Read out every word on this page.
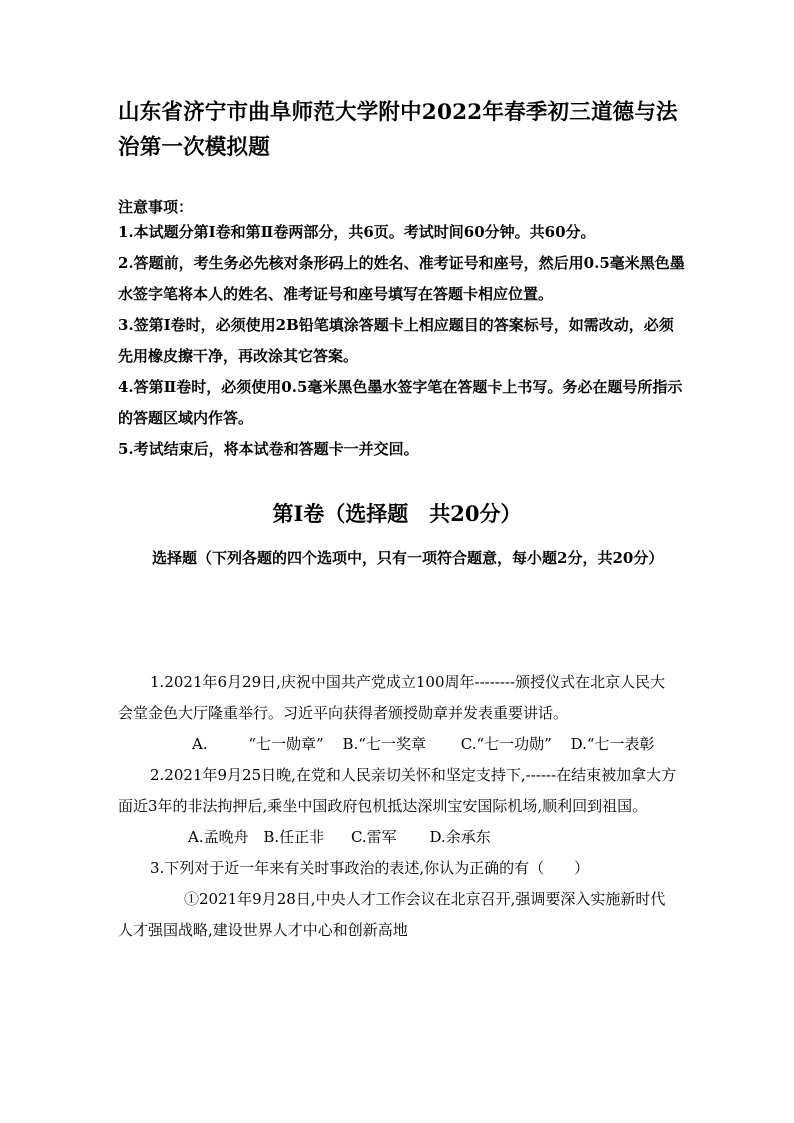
山东省济宁市曲阜师范大学附中2022年春季初三道德与法治第一次模拟题

注意事项：

1.本试题分第Ⅰ卷和第Ⅱ卷两部分，共6页。考试时间60分钟。共60分。

2.答题前，考生务必先核对条形码上的姓名、准考证号和座号，然后用0.5毫米黑色墨水签字笔将本人的姓名、准考证号和座号填写在答题卡相应位置。

3.签第Ⅰ卷时，必须使用2B铅笔填涂答题卡上相应题目的答案标号，如需改动，必须先用橡皮擦干净，再改涂其它答案。

4.答第Ⅱ卷时，必须使用0.5毫米黑色墨水签字笔在答题卡上书写。务必在题号所指示的答题区域内作答。

5.考试结束后，将本试卷和答题卡一并交回。

第Ⅰ卷（选择题　共20分）
选择题（下列各题的四个选项中，只有一项符合题意，每小题2分，共20分）

1.2021年6月29日,庆祝中国共产党成立100周年--------颁授仪式在北京人民大会堂金色大厅隆重举行。习近平向获得者颁授勋章并发表重要讲话。

A.	“七一勋章” B.“七一奖章 C.“七一功勋” D.“七一表彰

2.2021年9月25日晚,在党和人民亲切关怀和坚定支持下,------在结束被加拿大方面近3年的非法拘押后,乘坐中国政府包机抵达深圳宝安国际机场,顺利回到祖国。

A.孟晚舟 B.任正非 C.雷军 D.余承东

3.下列对于近一年来有关时事政治的表述,你认为正确的有（　　）

①2021年9月28日,中央人才工作会议在北京召开,强调要深入实施新时代人才强国战略,建设世界人才中心和创新高地
